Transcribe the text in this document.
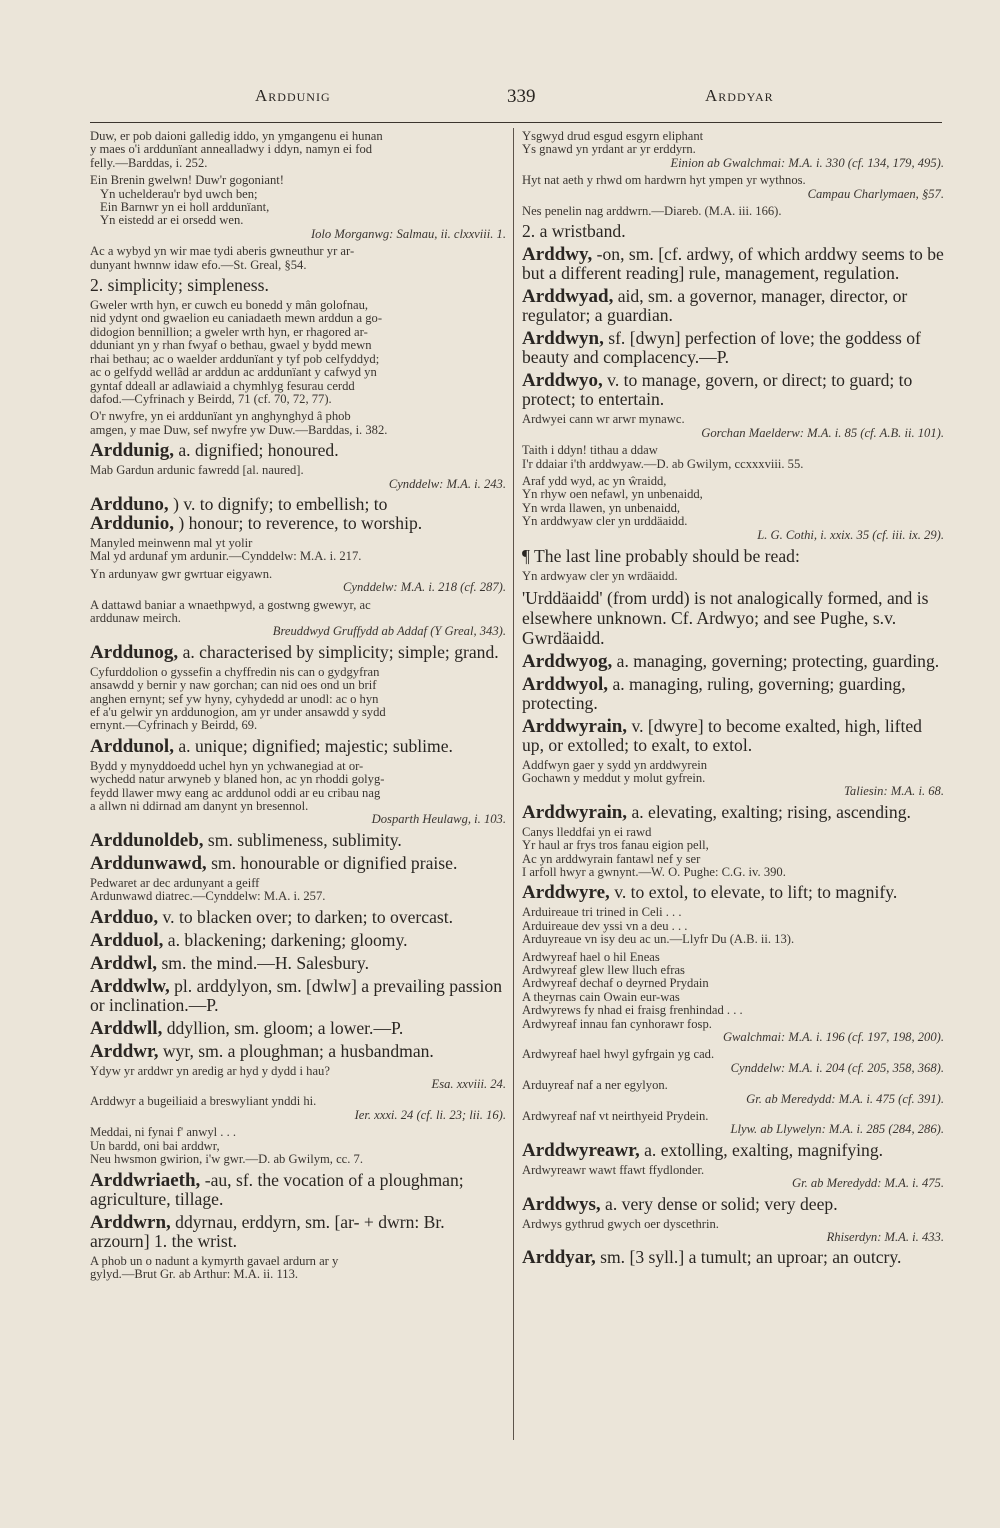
Arddunig	339	Arddyar

Duw, er pob daioni galledig iddo, yn ymgangenu ei hunan

y maes o'i arddunïant annealladwy i ddyn, namyn ei fod

felly.—Barddas, i. 252.

Ein Brenin gwelwn! Duw'r gogoniant!

Yn uchelderau'r byd uwch ben;

Ein Barnwr yn ei holl arddunïant,

Yn eistedd ar ei orsedd wen.

Iolo Morganwg: Salmau, ii. clxxviii. 1.

Ac a wybyd yn wir mae tydi aberis gwneuthur yr ar-

dunyant hwnnw idaw efo.—St. Greal, §54.

2. simplicity; simpleness.

Gweler wrth hyn, er cuwch eu bonedd y mân golofnau,

nid ydynt ond gwaelion eu caniadaeth mewn arddun a go-

didogion bennillion; a gweler wrth hyn, er rhagored ar-

dduniant yn y rhan fwyaf o bethau, gwael y bydd mewn

rhai bethau; ac o waelder arddunïant y tyf pob celfyddyd;

ac o gelfydd wellâd ar arddun ac arddunïant y cafwyd yn

gyntaf ddeall ar adlawiaid a chymhlyg fesurau cerdd

dafod.—Cyfrinach y Beirdd, 71 (cf. 70, 72, 77).

O'r nwyfre, yn ei arddunïant yn anghynghyd â phob

amgen, y mae Duw, sef nwyfre yw Duw.—Barddas, i. 382.

Arddunig, a. dignified; honoured.

Mab Gardun ardunic fawredd [al. naured].

Cynddelw: M.A. i. 243.

Ardduno, ) v. to dignify; to embellish; to
Arddunio, ) honour; to reverence, to worship.

Manyled meinwenn mal yt yolir

Mal yd ardunaf ym ardunir.—Cynddelw: M.A. i. 217.

Yn ardunyaw gwr gwrtuar eigyawn.

Cynddelw: M.A. i. 218 (cf. 287).

A dattawd baniar a wnaethpwyd, a gostwng gwewyr, ac

arddunaw meirch.

Breuddwyd Gruffydd ab Addaf (Y Greal, 343).

Arddunog, a. characterised by simplicity; simple; grand.

Cyfurddolion o gyssefin a chyffredin nis can o gydgyfran

ansawdd y bernir y naw gorchan; can nid oes ond un brif

anghen ernynt; sef yw hyny, cyhydedd ar unodl: ac o hyn

ef a'u gelwir yn arddunogion, am yr under ansawdd y sydd

ernynt.—Cyfrinach y Beirdd, 69.

Arddunol, a. unique; dignified; majestic; sublime.

Bydd y mynyddoedd uchel hyn yn ychwanegiad at or-

wychedd natur arwyneb y blaned hon, ac yn rhoddi golyg-

feydd llawer mwy eang ac arddunol oddi ar eu cribau nag

a allwn ni ddirnad am danynt yn bresennol.

Dosparth Heulawg, i. 103.

Arddunoldeb, sm. sublimeness, sublimity.
Arddunwawd, sm. honourable or dignified praise.

Pedwaret ar dec ardunyant a geiff

Ardunwawd diatrec.—Cynddelw: M.A. i. 257.

Ardduo, v. to blacken over; to darken; to overcast.
Ardduol, a. blackening; darkening; gloomy.
Arddwl, sm. the mind.—H. Salesbury.
Arddwlw, pl. arddylyon, sm. [dwlw] a prevailing passion or inclination.—P.
Arddwll, ddyllion, sm. gloom; a lower.—P.
Arddwr, wyr, sm. a ploughman; a husbandman.

Ydyw yr arddwr yn aredig ar hyd y dydd i hau?

Esa. xxviii. 24.

Arddwyr a bugeiliaid a breswyliant ynddi hi.

Ier. xxxi. 24 (cf. li. 23; lii. 16).

Meddai, ni fynai f' anwyl . . .

Un bardd, oni bai arddwr,

Neu hwsmon gwirion, i'w gwr.—D. ab Gwilym, cc. 7.

Arddwriaeth, -au, sf. the vocation of a ploughman; agriculture, tillage.
Arddwrn, ddyrnau, erddyrn, sm. [ar- + dwrn: Br. arzourn] 1. the wrist.

A phob un o nadunt a kymyrth gavael ardurn ar y

gylyd.—Brut Gr. ab Arthur: M.A. ii. 113.

Ysgwyd drud esgud esgyrn eliphant

Ys gnawd yn yrdant ar yr erddyrn.

Einion ab Gwalchmai: M.A. i. 330 (cf. 134, 179, 495).

Hyt nat aeth y rhwd om hardwrn hyt ympen yr wythnos.

Campau Charlymaen, §57.

Nes penelin nag arddwrn.—Diareb. (M.A. iii. 166).

2. a wristband.
Arddwy, -on, sm. [cf. ardwy, of which arddwy seems to be but a different reading] rule, management, regulation.
Arddwyad, aid, sm. a governor, manager, director, or regulator; a guardian.
Arddwyn, sf. [dwyn] perfection of love; the goddess of beauty and complacency.—P.
Arddwyo, v. to manage, govern, or direct; to guard; to protect; to entertain.

Ardwyei cann wr arwr mynawc.

Gorchan Maelderw: M.A. i. 85 (cf. A.B. ii. 101).

Taith i ddyn! tithau a ddaw

I'r ddaiar i'th arddwyaw.—D. ab Gwilym, ccxxxviii. 55.

Araf ydd wyd, ac yn ŵraidd,

Yn rhyw oen nefawl, yn unbenaidd,

Yn wrda llawen, yn unbenaidd,

Yn arddwyaw cler yn urddäaidd.

L. G. Cothi, i. xxix. 35 (cf. iii. ix. 29).

¶ The last line probably should be read:

Yn ardwyaw cler yn wrdäaidd.

'Urddäaidd' (from urdd) is not analogically formed, and is elsewhere unknown. Cf. Ardwyo; and see Pughe, s.v. Gwrdäaidd.
Arddwyog, a. managing, governing; protecting, guarding.
Arddwyol, a. managing, ruling, governing; guarding, protecting.
Arddwyrain, v. [dwyre] to become exalted, high, lifted up, or extolled; to exalt, to extol.

Addfwyn gaer y sydd yn arddwyrein

Gochawn y meddut y molut gyfrein.

Taliesin: M.A. i. 68.

Arddwyrain, a. elevating, exalting; rising, ascending.

Canys lleddfai yn ei rawd

Yr haul ar frys tros fanau eigion pell,

Ac yn arddwyrain fantawl nef y ser

I arfoll hwyr a gwnynt.—W. O. Pughe: C.G. iv. 390.

Arddwyre, v. to extol, to elevate, to lift; to magnify.

Arduireaue tri trined in Celi . . .

Arduireaue dev yssi vn a deu . . .

Arduyreaue vn isy deu ac un.—Llyfr Du (A.B. ii. 13).

Ardwyreaf hael o hil Eneas

Ardwyreaf glew llew lluch efras

Ardwyreaf dechaf o deyrned Prydain

A theyrnas cain Owain eur-was

Ardwyrews fy nhad ei fraisg frenhindad . . .

Ardwyreaf innau fan cynhorawr fosp.

Gwalchmai: M.A. i. 196 (cf. 197, 198, 200).

Ardwyreaf hael hwyl gyfrgain yg cad.

Cynddelw: M.A. i. 204 (cf. 205, 358, 368).

Arduyreaf naf a ner egylyon.

Gr. ab Meredydd: M.A. i. 475 (cf. 391).

Ardwyreaf naf vt neirthyeid Prydein.

Llyw. ab Llywelyn: M.A. i. 285 (284, 286).

Arddwyreawr, a. extolling, exalting, magnifying.

Ardwyreawr wawt ffawt ffydlonder.

Gr. ab Meredydd: M.A. i. 475.

Arddwys, a. very dense or solid; very deep.

Ardwys gythrud gwych oer dyscethrin.

Rhiserdyn: M.A. i. 433.

Arddyar, sm. [3 syll.] a tumult; an uproar; an outcry.
